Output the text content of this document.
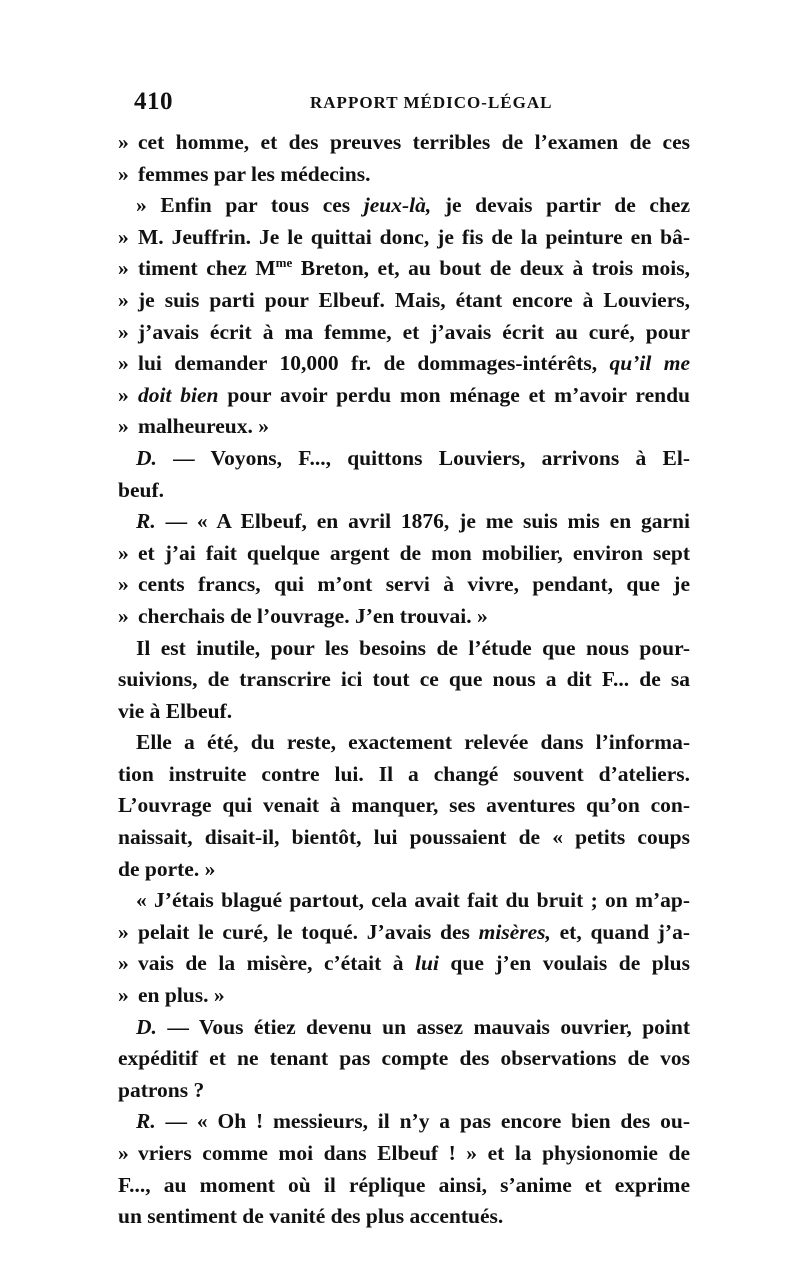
410	RAPPORT MÉDICO-LÉGAL
» cet homme, et des preuves terribles de l’examen de ces
» femmes par les médecins.
» Enfin par tous ces jeux-là, je devais partir de chez
» M. Jeuffrin. Je le quittai donc, je fis de la peinture en bâ-
» timent chez $M^{me}$ Breton, et, au bout de deux à trois mois,
» je suis parti pour Elbeuf. Mais, étant encore à Louviers,
» j’avais écrit à ma femme, et j’avais écrit au curé, pour
» lui demander 10,000 fr. de dommages-intérêts, qu’il me
» doit bien pour avoir perdu mon ménage et m’avoir rendu
» malheureux. »
D. — Voyons, F..., quittons Louviers, arrivons à El-
beuf.
R. — « A Elbeuf, en avril 1876, je me suis mis en garni
» et j’ai fait quelque argent de mon mobilier, environ sept
» cents francs, qui m’ont servi à vivre, pendant, que je
» cherchais de l’ouvrage. J’en trouvai. »
Il est inutile, pour les besoins de l’étude que nous pour-
suivions, de transcrire ici tout ce que nous a dit F... de sa
vie à Elbeuf.
Elle a été, du reste, exactement relevée dans l’informa-
tion instruite contre lui. Il a changé souvent d’ateliers.
L’ouvrage qui venait à manquer, ses aventures qu’on con-
naissait, disait-il, bientôt, lui poussaient de « petits coups
de porte. »
« J’étais blagué partout, cela avait fait du bruit ; on m’ap-
» pelait le curé, le toqué. J’avais des misères, et, quand j’a-
» vais de la misère, c’était à lui que j’en voulais de plus
» en plus. »
D. — Vous étiez devenu un assez mauvais ouvrier, point
expéditif et ne tenant pas compte des observations de vos
patrons ?
R. — « Oh ! messieurs, il n’y a pas encore bien des ou-
» vriers comme moi dans Elbeuf ! » et la physionomie de
F..., au moment où il réplique ainsi, s’anime et exprime
un sentiment de vanité des plus accentués.
